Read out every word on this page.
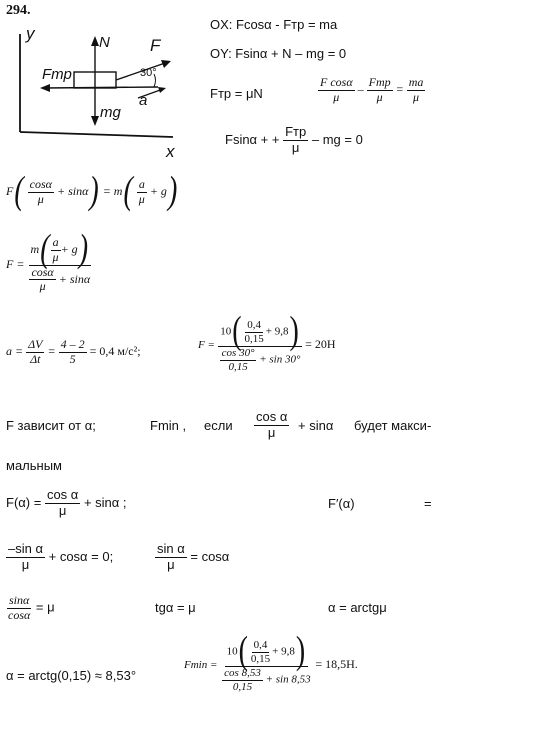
294.
y
x
N F
Fтр
mg
a
30°
OX: Fcosα - Fтр = ma
OY: Fsinα + N – mg = 0
Fтр = μN	$\frac{\text{F cosα}}{\mu} - \frac{\text{Fтр}}{\mu} = \frac{ma}{\mu}$
Fsinα + + $\frac{\text{Fтр}}{\mu}$ – mg = 0
$F( \frac{\cos\alpha}{\mu} + \sin\alpha) = m( \frac{a}{\mu} + g)$
$F = \frac{m( \frac{a}{\mu} + g)}{\frac{\cos\alpha}{\mu} + \sin\alpha}$
$a = \frac{\Delta V}{\Delta t} = \frac{4 - 2}{5} = 0,4$ м/с²;	$F = \frac{10( \frac{0,4}{0,15} + 9,8)}{\frac{\cos 30^\circ}{0,15} + \sin 30^\circ} = 20Н$
F зависит от α;	Fmin , если $\frac{\text{cos α}}{\mu} + \sin\alpha$ будет макси-
мальным
$F(\alpha) = \frac{\text{cos α}}{\mu} + \sin\alpha$ ;	F′(α)	=
$\frac{\text{–sin α}}{\mu} + \cos\alpha = 0$;	$\frac{\text{sin α}}{\mu} = \cos\alpha$
$\frac{\sin\alpha}{\cos\alpha} = \mu$	tgα = μ	α = arctgμ
α = arctg(0,15) ≈ 8,53°
$Fmin = \frac{10( \frac{0,4}{0,15} + 9,8)}{\frac{\cos 8,53}{0,15} + \sin 8,53} = 18,5Н$.
